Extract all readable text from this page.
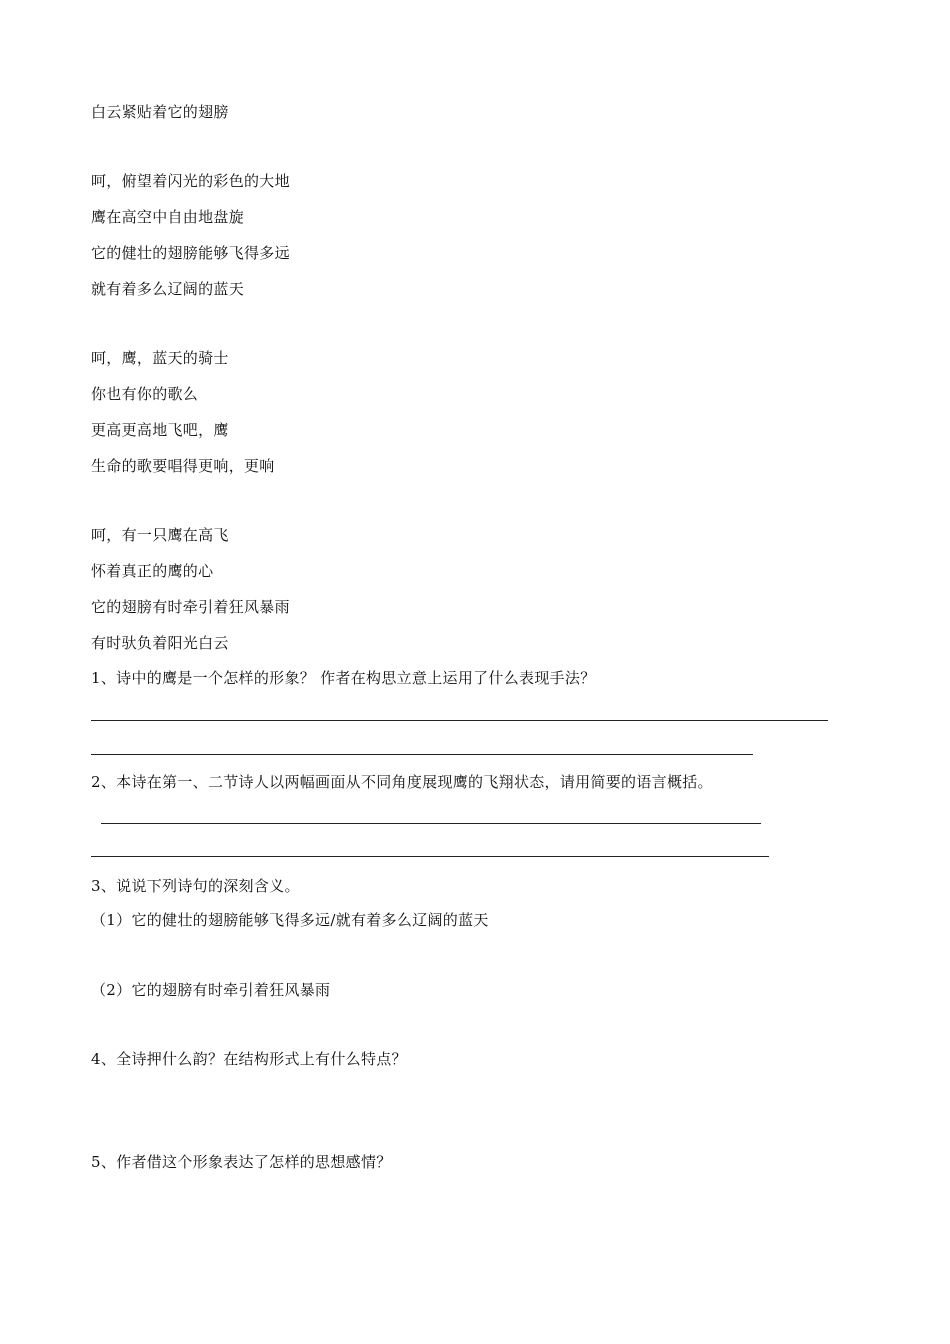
白云紧贴着它的翅膀
呵，俯望着闪光的彩色的大地
鹰在高空中自由地盘旋
它的健壮的翅膀能够飞得多远
就有着多么辽阔的蓝天
呵，鹰，蓝天的骑士
你也有你的歌么
更高更高地飞吧，鹰
生命的歌要唱得更响，更响
呵，有一只鹰在高飞
怀着真正的鹰的心
它的翅膀有时牵引着狂风暴雨
有时驮负着阳光白云
1、诗中的鹰是一个怎样的形象？ 作者在构思立意上运用了什么表现手法？
2、本诗在第一、二节诗人以两幅画面从不同角度展现鹰的飞翔状态，请用简要的语言概括。
3、说说下列诗句的深刻含义。
（1）它的健壮的翅膀能够飞得多远/就有着多么辽阔的蓝天
（2）它的翅膀有时牵引着狂风暴雨
4、全诗押什么韵？在结构形式上有什么特点？
5、作者借这个形象表达了怎样的思想感情？
